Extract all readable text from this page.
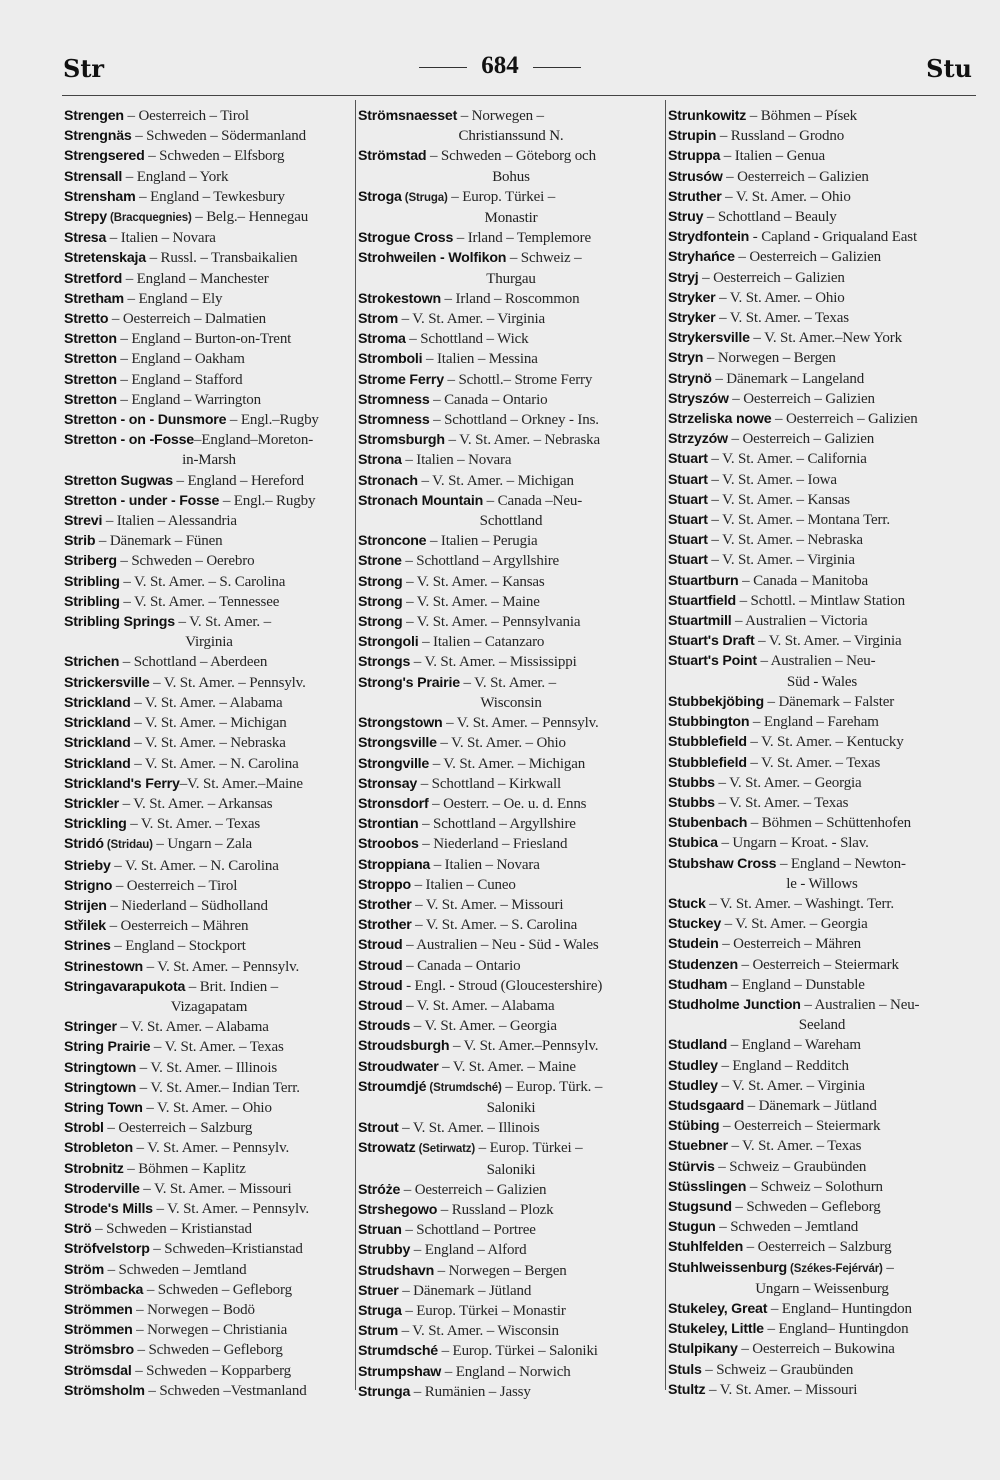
Str	684	Stu
Strengen – Oesterreich – Tirol
Strengnäs – Schweden – Södermanland
Strengsered – Schweden – Elfsborg
Strensall – England – York
Strensham – England – Tewkesbury
Strepy (Bracquegnies) – Belg.– Hennegau
Stresa – Italien – Novara
Stretenskaja – Russl. – Transbaikalien
Stretford – England – Manchester
Stretham – England – Ely
Stretto – Oesterreich – Dalmatien
Stretton – England – Burton-on-Trent
Stretton – England – Oakham
Stretton – England – Stafford
Stretton – England – Warrington
Stretton - on - Dunsmore – Engl.–Rugby
Stretton - on -Fosse–England–Moreton-
in-Marsh
Stretton Sugwas – England – Hereford
Stretton - under - Fosse – Engl.– Rugby
Strevi – Italien – Alessandria
Strib – Dänemark – Fünen
Striberg – Schweden – Oerebro
Stribling – V. St. Amer. – S. Carolina
Stribling – V. St. Amer. – Tennessee
Stribling Springs – V. St. Amer. –
Virginia
Strichen – Schottland – Aberdeen
Strickersville – V. St. Amer. – Pennsylv.
Strickland – V. St. Amer. – Alabama
Strickland – V. St. Amer. – Michigan
Strickland – V. St. Amer. – Nebraska
Strickland – V. St. Amer. – N. Carolina
Strickland's Ferry–V. St. Amer.–Maine
Strickler – V. St. Amer. – Arkansas
Strickling – V. St. Amer. – Texas
Stridó (Stridau) – Ungarn – Zala
Strieby – V. St. Amer. – N. Carolina
Strigno – Oesterreich – Tirol
Strijen – Niederland – Südholland
Střilek – Oesterreich – Mähren
Strines – England – Stockport
Strinestown – V. St. Amer. – Pennsylv.
Stringavarapukota – Brit. Indien –
Vizagapatam
Stringer – V. St. Amer. – Alabama
String Prairie – V. St. Amer. – Texas
Stringtown – V. St. Amer. – Illinois
Stringtown – V. St. Amer.– Indian Terr.
String Town – V. St. Amer. – Ohio
Strobl – Oesterreich – Salzburg
Strobleton – V. St. Amer. – Pennsylv.
Strobnitz – Böhmen – Kaplitz
Stroderville – V. St. Amer. – Missouri
Strode's Mills – V. St. Amer. – Pennsylv.
Strö – Schweden – Kristianstad
Ströfvelstorp – Schweden–Kristianstad
Ström – Schweden – Jemtland
Strömbacka – Schweden – Gefleborg
Strömmen – Norwegen – Bodö
Strömmen – Norwegen – Christiania
Strömsbro – Schweden – Gefleborg
Strömsdal – Schweden – Kopparberg
Strömsholm – Schweden –Vestmanland
Strömsnaesset – Norwegen –
Christianssund N.
Strömstad – Schweden – Göteborg och
Bohus
Stroga (Struga) – Europ. Türkei –
Monastir
Strogue Cross – Irland – Templemore
Strohweilen - Wolfikon – Schweiz –
Thurgau
Strokestown – Irland – Roscommon
Strom – V. St. Amer. – Virginia
Stroma – Schottland – Wick
Stromboli – Italien – Messina
Strome Ferry – Schottl.– Strome Ferry
Stromness – Canada – Ontario
Stromness – Schottland – Orkney - Ins.
Stromsburgh – V. St. Amer. – Nebraska
Strona – Italien – Novara
Stronach – V. St. Amer. – Michigan
Stronach Mountain – Canada –Neu-
Schottland
Stroncone – Italien – Perugia
Strone – Schottland – Argyllshire
Strong – V. St. Amer. – Kansas
Strong – V. St. Amer. – Maine
Strong – V. St. Amer. – Pennsylvania
Strongoli – Italien – Catanzaro
Strongs – V. St. Amer. – Mississippi
Strong's Prairie – V. St. Amer. –
Wisconsin
Strongstown – V. St. Amer. – Pennsylv.
Strongsville – V. St. Amer. – Ohio
Strongville – V. St. Amer. – Michigan
Stronsay – Schottland – Kirkwall
Stronsdorf – Oesterr. – Oe. u. d. Enns
Strontian – Schottland – Argyllshire
Stroobos – Niederland – Friesland
Stroppiana – Italien – Novara
Stroppo – Italien – Cuneo
Strother – V. St. Amer. – Missouri
Strother – V. St. Amer. – S. Carolina
Stroud – Australien – Neu - Süd - Wales
Stroud – Canada – Ontario
Stroud - Engl. - Stroud (Gloucestershire)
Stroud – V. St. Amer. – Alabama
Strouds – V. St. Amer. – Georgia
Stroudsburgh – V. St. Amer.–Pennsylv.
Stroudwater – V. St. Amer. – Maine
Stroumdjé (Strumdsché) – Europ. Türk. –
Saloniki
Strout – V. St. Amer. – Illinois
Strowatz (Setirwatz) – Europ. Türkei –
Saloniki
Stróże – Oesterreich – Galizien
Strshegowo – Russland – Plozk
Struan – Schottland – Portree
Strubby – England – Alford
Strudshavn – Norwegen – Bergen
Struer – Dänemark – Jütland
Struga – Europ. Türkei – Monastir
Strum – V. St. Amer. – Wisconsin
Strumdsché – Europ. Türkei – Saloniki
Strumpshaw – England – Norwich
Strunga – Rumänien – Jassy
Strunkowitz – Böhmen – Písek
Strupin – Russland – Grodno
Struppa – Italien – Genua
Strusów – Oesterreich – Galizien
Struther – V. St. Amer. – Ohio
Struy – Schottland – Beauly
Strydfontein - Capland - Griqualand East
Stryhańce – Oesterreich – Galizien
Stryj – Oesterreich – Galizien
Stryker – V. St. Amer. – Ohio
Stryker – V. St. Amer. – Texas
Strykersville – V. St. Amer.–New York
Stryn – Norwegen – Bergen
Strynö – Dänemark – Langeland
Stryszów – Oesterreich – Galizien
Strzeliska nowe – Oesterreich – Galizien
Strzyzów – Oesterreich – Galizien
Stuart – V. St. Amer. – California
Stuart – V. St. Amer. – Iowa
Stuart – V. St. Amer. – Kansas
Stuart – V. St. Amer. – Montana Terr.
Stuart – V. St. Amer. – Nebraska
Stuart – V. St. Amer. – Virginia
Stuartburn – Canada – Manitoba
Stuartfield – Schottl. – Mintlaw Station
Stuartmill – Australien – Victoria
Stuart's Draft – V. St. Amer. – Virginia
Stuart's Point – Australien – Neu-
Süd - Wales
Stubbekjöbing – Dänemark – Falster
Stubbington – England – Fareham
Stubblefield – V. St. Amer. – Kentucky
Stubblefield – V. St. Amer. – Texas
Stubbs – V. St. Amer. – Georgia
Stubbs – V. St. Amer. – Texas
Stubenbach – Böhmen – Schüttenhofen
Stubica – Ungarn – Kroat. - Slav.
Stubshaw Cross – England – Newton-
le - Willows
Stuck – V. St. Amer. – Washingt. Terr.
Stuckey – V. St. Amer. – Georgia
Studein – Oesterreich – Mähren
Studenzen – Oesterreich – Steiermark
Studham – England – Dunstable
Studholme Junction – Australien – Neu-
Seeland
Studland – England – Wareham
Studley – England – Redditch
Studley – V. St. Amer. – Virginia
Studsgaard – Dänemark – Jütland
Stübing – Oesterreich – Steiermark
Stuebner – V. St. Amer. – Texas
Stürvis – Schweiz – Graubünden
Stüsslingen – Schweiz – Solothurn
Stugsund – Schweden – Gefleborg
Stugun – Schweden – Jemtland
Stuhlfelden – Oesterreich – Salzburg
Stuhlweissenburg (Székes-Fejérvár) –
Ungarn – Weissenburg
Stukeley, Great – England– Huntingdon
Stukeley, Little – England– Huntingdon
Stulpikany – Oesterreich – Bukowina
Stuls – Schweiz – Graubünden
Stultz – V. St. Amer. – Missouri
